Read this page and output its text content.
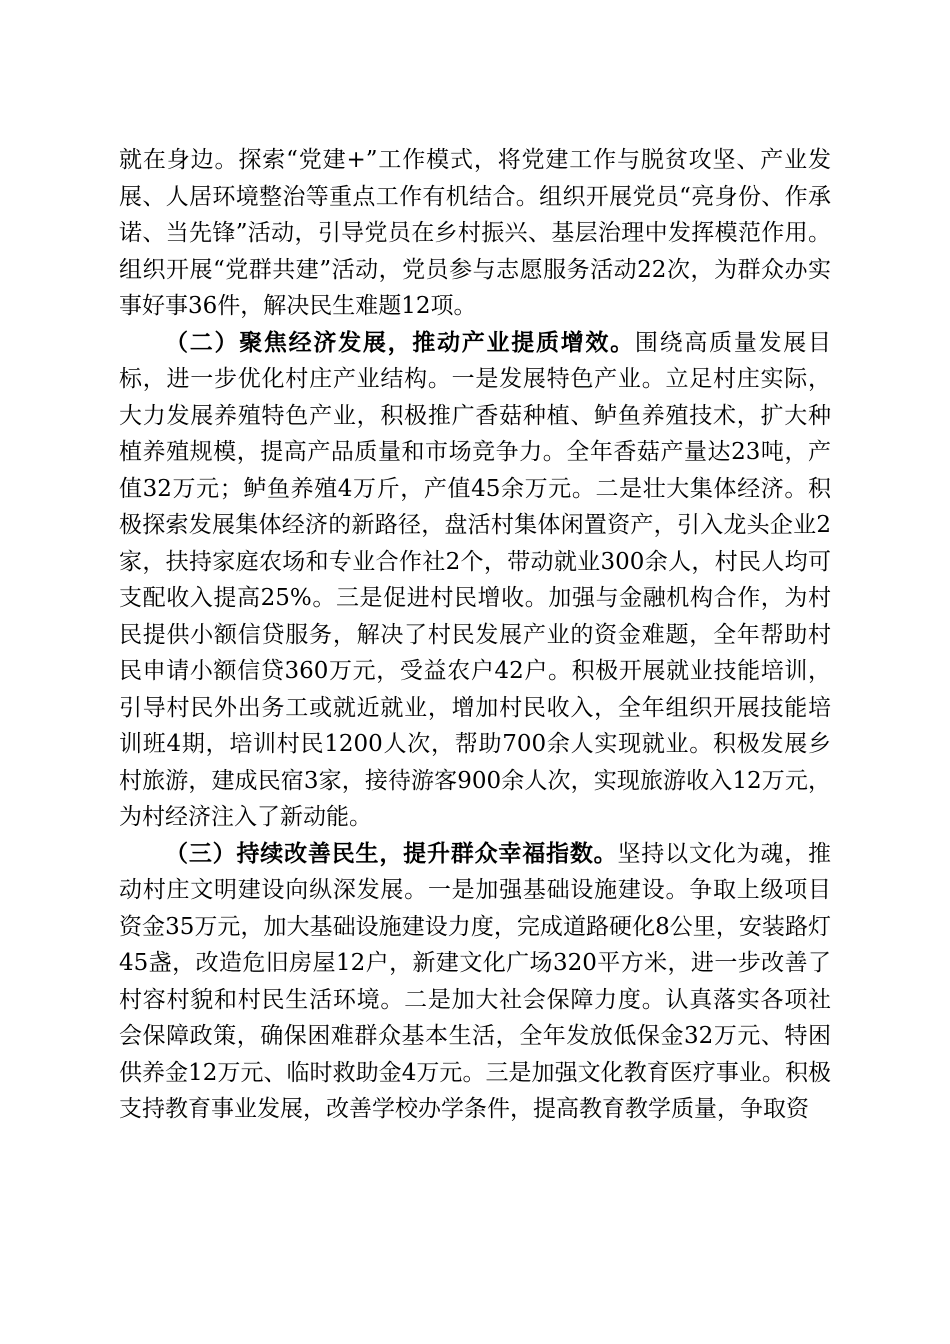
就在身边。探索“党建+”工作模式，将党建工作与脱贫攻坚、产业发展、人居环境整治等重点工作有机结合。组织开展党员“亮身份、作承诺、当先锋”活动，引导党员在乡村振兴、基层治理中发挥模范作用。组织开展“党群共建”活动，党员参与志愿服务活动22次，为群众办实事好事36件，解决民生难题12项。

（二）聚焦经济发展，推动产业提质增效。围绕高质量发展目标，进一步优化村庄产业结构。一是发展特色产业。立足村庄实际，大力发展养殖特色产业，积极推广香菇种植、鲈鱼养殖技术，扩大种植养殖规模，提高产品质量和市场竞争力。全年香菇产量达23吨，产值32万元；鲈鱼养殖4万斤，产值45余万元。二是壮大集体经济。积极探索发展集体经济的新路径，盘活村集体闲置资产，引入龙头企业2家，扶持家庭农场和专业合作社2个，带动就业300余人，村民人均可支配收入提高25%。三是促进村民增收。加强与金融机构合作，为村民提供小额信贷服务，解决了村民发展产业的资金难题，全年帮助村民申请小额信贷360万元，受益农户42户。积极开展就业技能培训，引导村民外出务工或就近就业，增加村民收入，全年组织开展技能培训班4期，培训村民1200人次，帮助700余人实现就业。积极发展乡村旅游，建成民宿3家，接待游客900余人次，实现旅游收入12万元，为村经济注入了新动能。

（三）持续改善民生，提升群众幸福指数。坚持以文化为魂，推动村庄文明建设向纵深发展。一是加强基础设施建设。争取上级项目资金35万元，加大基础设施建设力度，完成道路硬化8公里，安装路灯45盏，改造危旧房屋12户，新建文化广场320平方米，进一步改善了村容村貌和村民生活环境。二是加大社会保障力度。认真落实各项社会保障政策，确保困难群众基本生活，全年发放低保金32万元、特困供养金12万元、临时救助金4万元。三是加强文化教育医疗事业。积极支持教育事业发展，改善学校办学条件，提高教育教学质量，争取资
